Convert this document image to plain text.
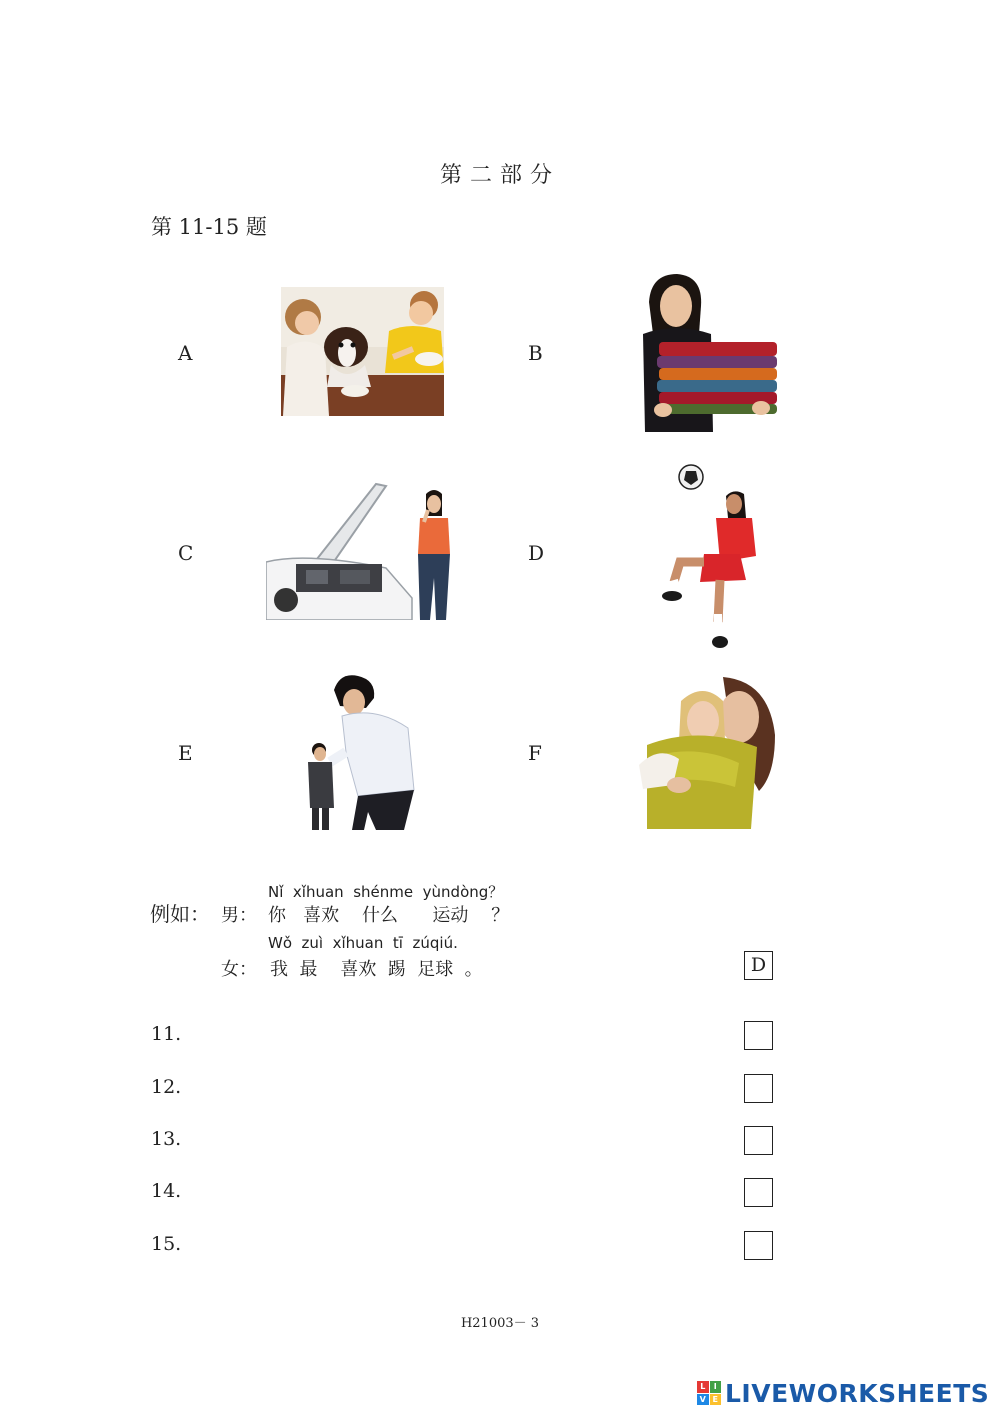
第二部分
第 11-15 题
A	B
C	D
E	F
例如： 男：
Nǐ  xǐhuan  shénme  yùndòng？
你   喜欢    什么      运动    ？
Wǒ  zuì  xǐhuan  tī  zúqiú.
女： 我  最    喜欢  踢  足球  。	D
11.
12.
13.
14.
15.
H21003－ 3
L	I
V E LIVEWORKSHEETS
